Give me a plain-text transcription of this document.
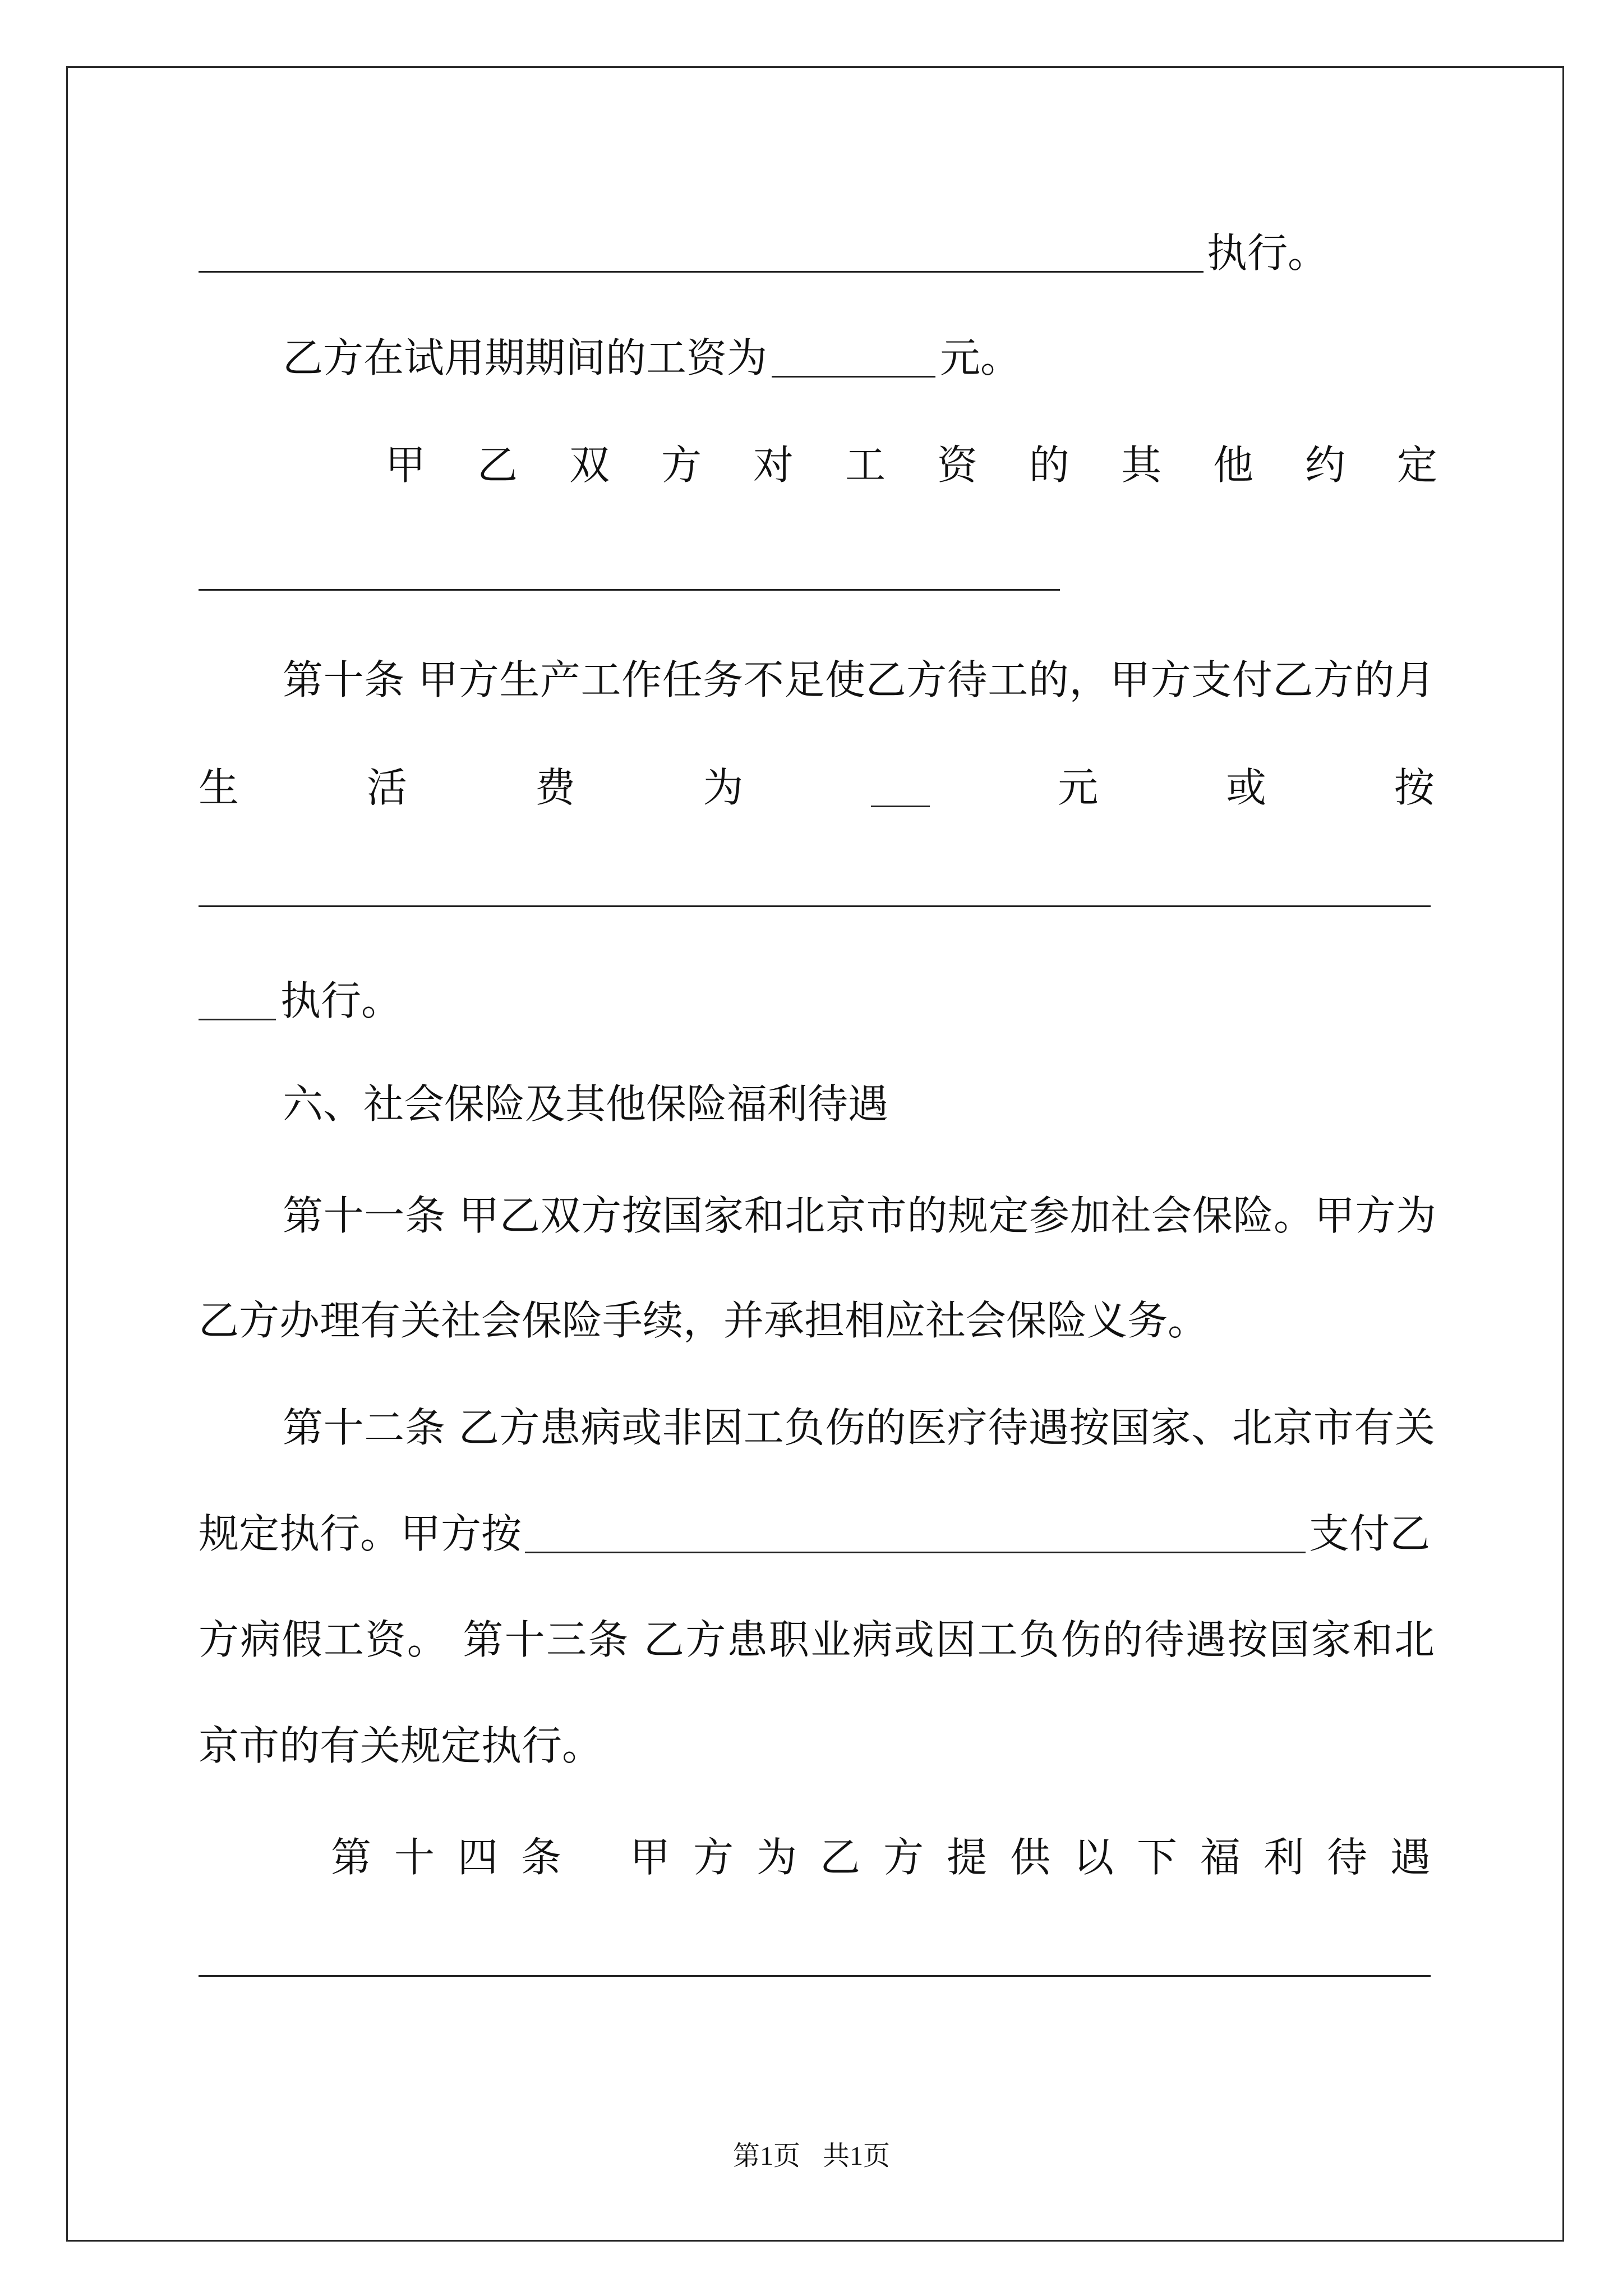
执行。
乙方在试用期期间的工资为	元。
甲乙双方对工资的其他约定
第十条 甲方生产工作任务不足使乙方待工的，甲方支付乙方的月
生	活	费	为	元	或	按
执行。
六、社会保险及其他保险福利待遇
第十一条 甲乙双方按国家和北京市的规定参加社会保险。甲方为
乙方办理有关社会保险手续，并承担相应社会保险义务。
第十二条 乙方患病或非因工负伤的医疗待遇按国家、北京市有关
规定执行。甲方按	支付乙
方病假工资。 第十三条 乙方患职业病或因工负伤的待遇按国家和北
京市的有关规定执行。
第十四条 甲方为乙方提供以下福利待遇
第1页 共1页
